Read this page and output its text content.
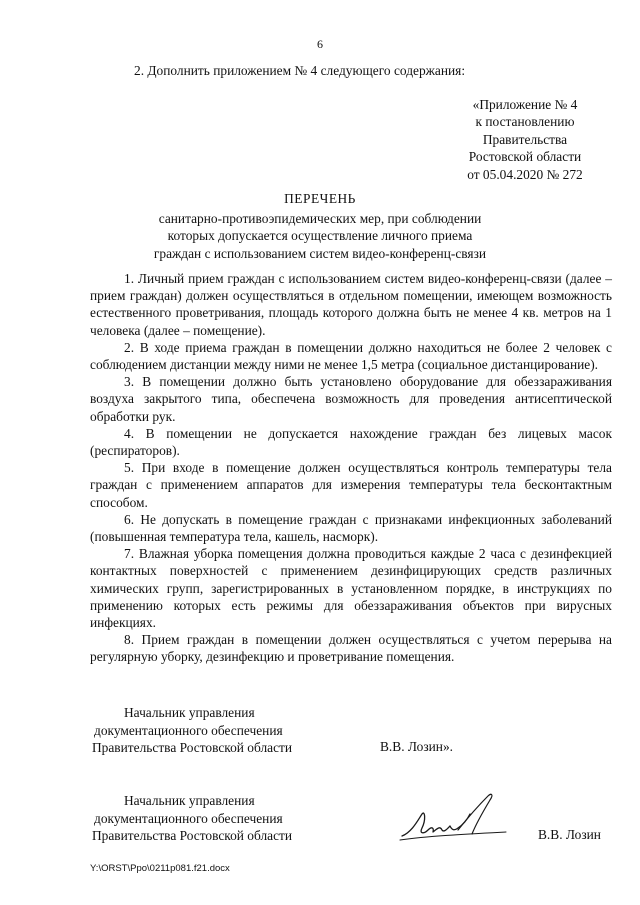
6
2. Дополнить приложением № 4 следующего содержания:
«Приложение № 4
к постановлению
Правительства
Ростовской области
от 05.04.2020 № 272
ПЕРЕЧЕНЬ
санитарно-противоэпидемических мер, при соблюдении
которых допускается осуществление личного приема
граждан с использованием систем видео-конференц-связи

1. Личный прием граждан с использованием систем видео-конференц-связи (далее – прием граждан) должен осуществляться в отдельном помещении, имеющем возможность естественного проветривания, площадь которого должна быть не менее 4 кв. метров на 1 человека (далее – помещение).

2. В ходе приема граждан в помещении должно находиться не более 2 человек с соблюдением дистанции между ними не менее 1,5 метра (социальное дистанцирование).

3. В помещении должно быть установлено оборудование для обеззараживания воздуха закрытого типа, обеспечена возможность для проведения антисептической обработки рук.

4. В помещении не допускается нахождение граждан без лицевых масок (респираторов).

5. При входе в помещение должен осуществляться контроль температуры тела граждан с применением аппаратов для измерения температуры тела бесконтактным способом.

6. Не допускать в помещение граждан с признаками инфекционных заболеваний (повышенная температура тела, кашель, насморк).

7. Влажная уборка помещения должна проводиться каждые 2 часа с дезинфекцией контактных поверхностей с применением дезинфицирующих средств различных химических групп, зарегистрированных в установленном порядке, в инструкциях по применению которых есть режимы для обеззараживания объектов при вирусных инфекциях.

8. Прием граждан в помещении должен осуществляться с учетом перерыва на регулярную уборку, дезинфекцию и проветривание помещения.

Начальник управления
документационного обеспечения
Правительства Ростовской области	В.В. Лозин».
Начальник управления
документационного обеспечения
Правительства Ростовской области	В.В. Лозин
Y:\ORST\Ppo\0211p081.f21.docx
